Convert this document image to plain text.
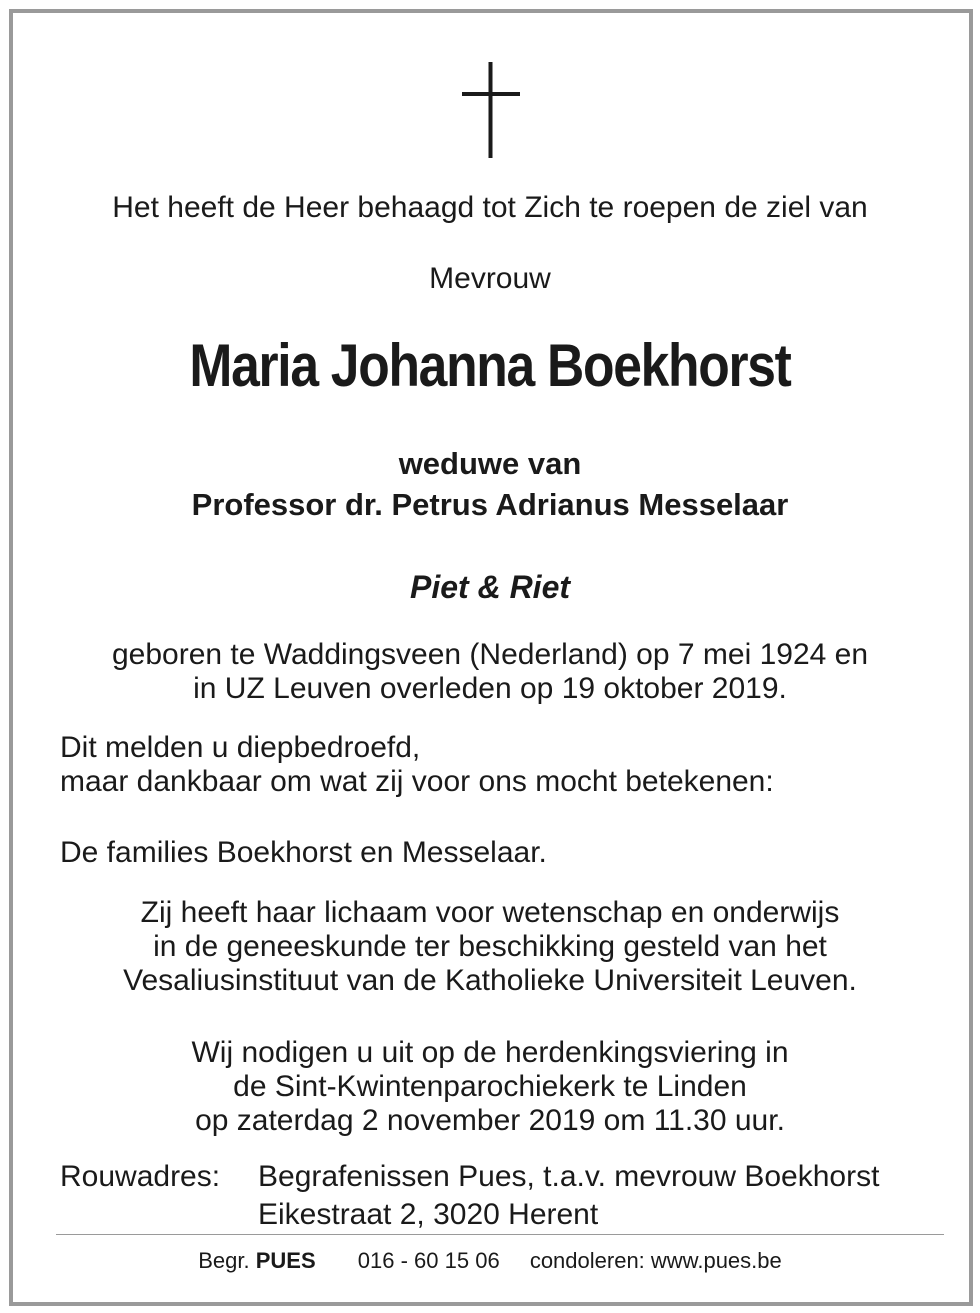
Het heeft de Heer behaagd tot Zich te roepen de ziel van
Mevrouw
Maria Johanna Boekhorst
weduwe van
Professor dr. Petrus Adrianus Messelaar
Piet & Riet
geboren te Waddingsveen (Nederland) op 7 mei 1924 en
in UZ Leuven overleden op 19 oktober 2019.
Dit melden u diepbedroefd,
maar dankbaar om wat zij voor ons mocht betekenen:
De families Boekhorst en Messelaar.
Zij heeft haar lichaam voor wetenschap en onderwijs
in de geneeskunde ter beschikking gesteld van het
Vesaliusinstituut van de Katholieke Universiteit Leuven.
Wij nodigen u uit op de herdenkingsviering in
de Sint-Kwintenparochiekerk te Linden
op zaterdag 2 november 2019 om 11.30 uur.
Rouwadres: Begrafenissen Pues, t.a.v. mevrouw Boekhorst
Eikestraat 2, 3020 Herent
Begr. PUES 016 - 60 15 06 condoleren: www.pues.be
